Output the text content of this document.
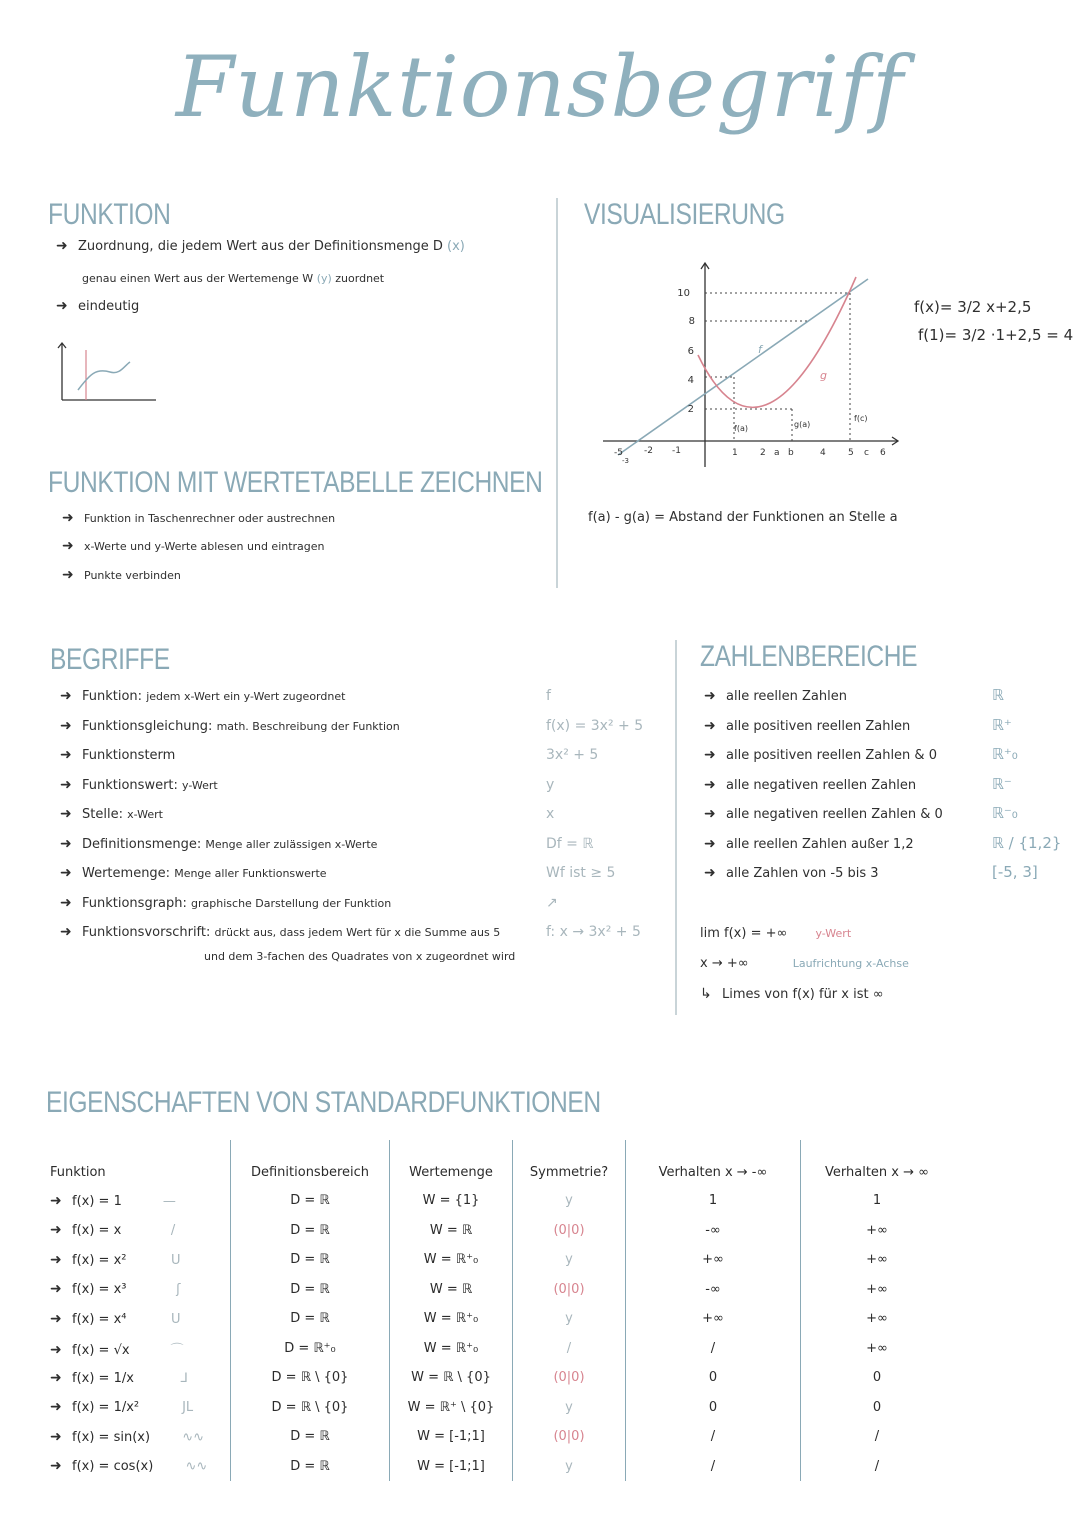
Funktionsbegriff
FUNKTION
➜ Zuordnung, die jedem Wert aus der Definitionsmenge D (x)
genau einen Wert aus der Wertemenge W (y) zuordnet
➜ eindeutig
FUNKTION MIT WERTETABELLE ZEICHNEN
➜ Funktion in Taschenrechner oder austrechnen
➜ x-Werte und y-Werte ablesen und eintragen
➜ Punkte verbinden
VISUALISIERUNG
10
8
6
4
2
-5 -2 -1	1 2 a b	4 5 c 6
-3
f
g
f(a)	g(a)
f(c)
f(x)= 3/2 x+2,5
f(1)= 3/2 ·1+2,5 = 4
f(a) - g(a) = Abstand der Funktionen an Stelle a
BEGRIFFE
➜ Funktion: jedem x-Wert ein y-Wert zugeordnet	f
➜ Funktionsgleichung: math. Beschreibung der Funktion	f(x) = 3x² + 5
➜ Funktionsterm	3x² + 5
➜ Funktionswert: y-Wert	y
➜ Stelle: x-Wert	x
➜ Definitionsmenge: Menge aller zulässigen x-Werte	Df = ℝ
➜ Wertemenge: Menge aller Funktionswerte	Wf ist ≥ 5
➜ Funktionsgraph: graphische Darstellung der Funktion	↗
➜ Funktionsvorschrift: drückt aus, dass jedem Wert für x die Summe aus 5	f: x → 3x² + 5
und dem 3-fachen des Quadrates von x zugeordnet wird
ZAHLENBEREICHE
➜ alle reellen Zahlen	ℝ
➜ alle positiven reellen Zahlen	ℝ⁺
➜ alle positiven reellen Zahlen & 0	ℝ⁺₀
➜ alle negativen reellen Zahlen	ℝ⁻
➜ alle negativen reellen Zahlen & 0	ℝ⁻₀
➜ alle reellen Zahlen außer 1,2	ℝ / {1,2}
➜ alle Zahlen von -5 bis 3	[-5, 3]
lim f(x) = +∞	y-Wert
x → +∞	Laufrichtung x-Achse
↳ Limes von f(x) für x ist ∞
EIGENSCHAFTEN VON STANDARDFUNKTIONEN
Funktion	Definitionsbereich	Wertemenge	Symmetrie?	Verhalten x → -∞	Verhalten x → ∞
➜ f(x) = 1 —	D = ℝ	W = {1}	y	1	1
➜ f(x) = x /	D = ℝ	W = ℝ	(0|0)	-∞	+∞
➜ f(x) = x² U	D = ℝ	W = ℝ⁺₀	y	+∞	+∞
➜ f(x) = x³ ʃ	D = ℝ	W = ℝ	(0|0)	-∞	+∞
➜ f(x) = x⁴ U	D = ℝ	W = ℝ⁺₀	y	+∞	+∞
➜ f(x) = √x ⌒	D = ℝ⁺₀	W = ℝ⁺₀	/	/	+∞
➜ f(x) = 1/x ⅃	D = ℝ \ {0}	W = ℝ \ {0}	(0|0)	0	0
➜ f(x) = 1/x² JL	D = ℝ \ {0}	W = ℝ⁺ \ {0}	y	0	0
➜ f(x) = sin(x) ∿∿	D = ℝ	W = [-1;1]	(0|0)	/	/
➜ f(x) = cos(x) ∿∿	D = ℝ	W = [-1;1]	y	/	/
